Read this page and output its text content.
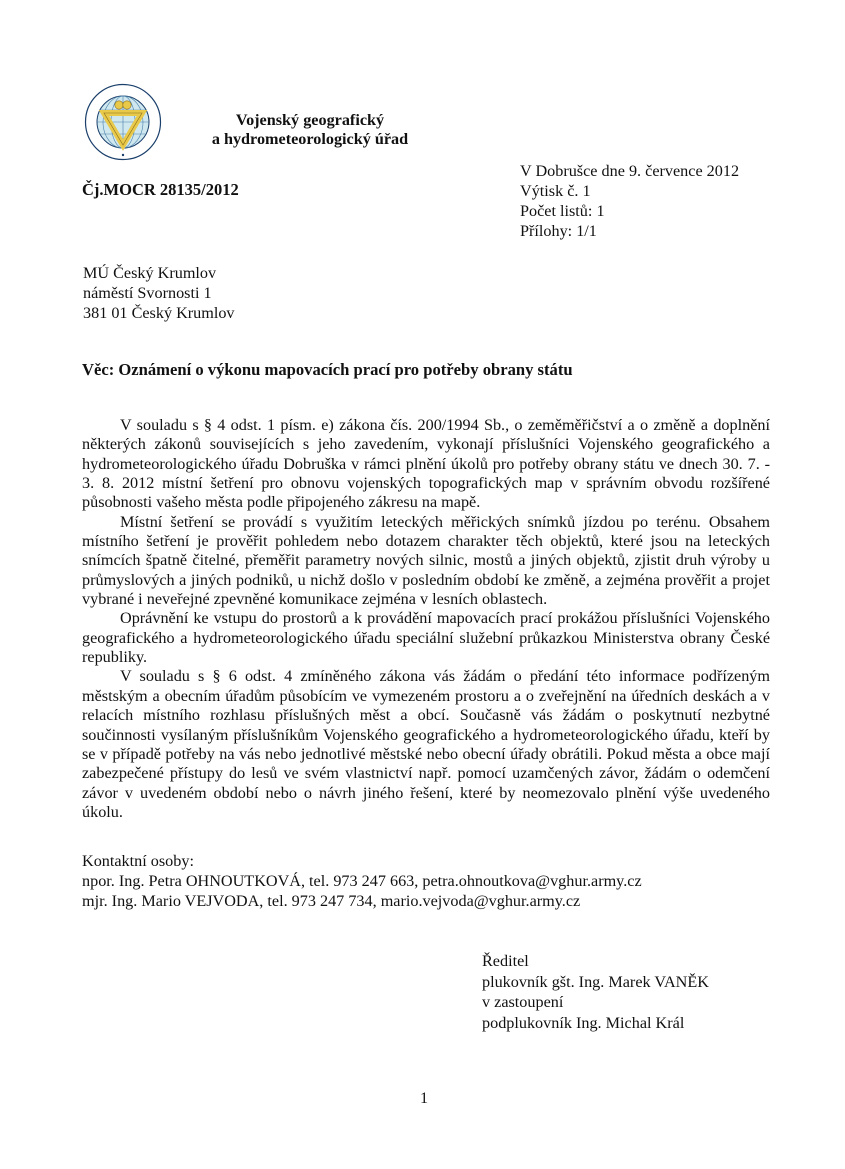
Vojenský geografický
a hydrometeorologický úřad
Čj.MOCR 28135/2012
V Dobrušce dne 9. července 2012
Výtisk č. 1
Počet listů: 1
Přílohy: 1/1
MÚ Český Krumlov
náměstí Svornosti 1
381 01 Český Krumlov
Věc: Oznámení o výkonu mapovacích prací pro potřeby obrany státu

V souladu s § 4 odst. 1 písm. e) zákona čís. 200/1994 Sb., o zeměměřičství a o změně a doplnění některých zákonů souvisejících s jeho zavedením, vykonají příslušníci Vojenského geografického a hydrometeorologického úřadu Dobruška v rámci plnění úkolů pro potřeby obrany státu ve dnech 30. 7. - 3. 8. 2012 místní šetření pro obnovu vojenských topografických map v správním obvodu rozšířené působnosti vašeho města podle připojeného zákresu na mapě.

Místní šetření se provádí s využitím leteckých měřických snímků jízdou po terénu. Obsahem místního šetření je prověřit pohledem nebo dotazem charakter těch objektů, které jsou na leteckých snímcích špatně čitelné, přeměřit parametry nových silnic, mostů a jiných objektů, zjistit druh výroby u průmyslových a jiných podniků, u nichž došlo v posledním období ke změně, a zejména prověřit a projet vybrané i neveřejné zpevněné komunikace zejména v lesních oblastech.

Oprávnění ke vstupu do prostorů a k provádění mapovacích prací prokážou příslušníci Vojenského geografického a hydrometeorologického úřadu speciální služební průkazkou Ministerstva obrany České republiky.

V souladu s § 6 odst. 4 zmíněného zákona vás žádám o předání této informace podřízeným městským a obecním úřadům působícím ve vymezeném prostoru a o zveřejnění na úředních deskách a v relacích místního rozhlasu příslušných měst a obcí. Současně vás žádám o poskytnutí nezbytné součinnosti vysílaným příslušníkům Vojenského geografického a hydrometeorologického úřadu, kteří by se v případě potřeby na vás nebo jednotlivé městské nebo obecní úřady obrátili. Pokud města a obce mají zabezpečené přístupy do lesů ve svém vlastnictví např. pomocí uzamčených závor, žádám o odemčení závor v uvedeném období nebo o návrh jiného řešení, které by neomezovalo plnění výše uvedeného úkolu.

Kontaktní osoby:
npor. Ing. Petra OHNOUTKOVÁ, tel. 973 247 663, petra.ohnoutkova@vghur.army.cz
mjr. Ing. Mario VEJVODA, tel. 973 247 734, mario.vejvoda@vghur.army.cz
Ředitel
plukovník gšt. Ing. Marek VANĚK
v zastoupení
podplukovník Ing. Michal Král
1
